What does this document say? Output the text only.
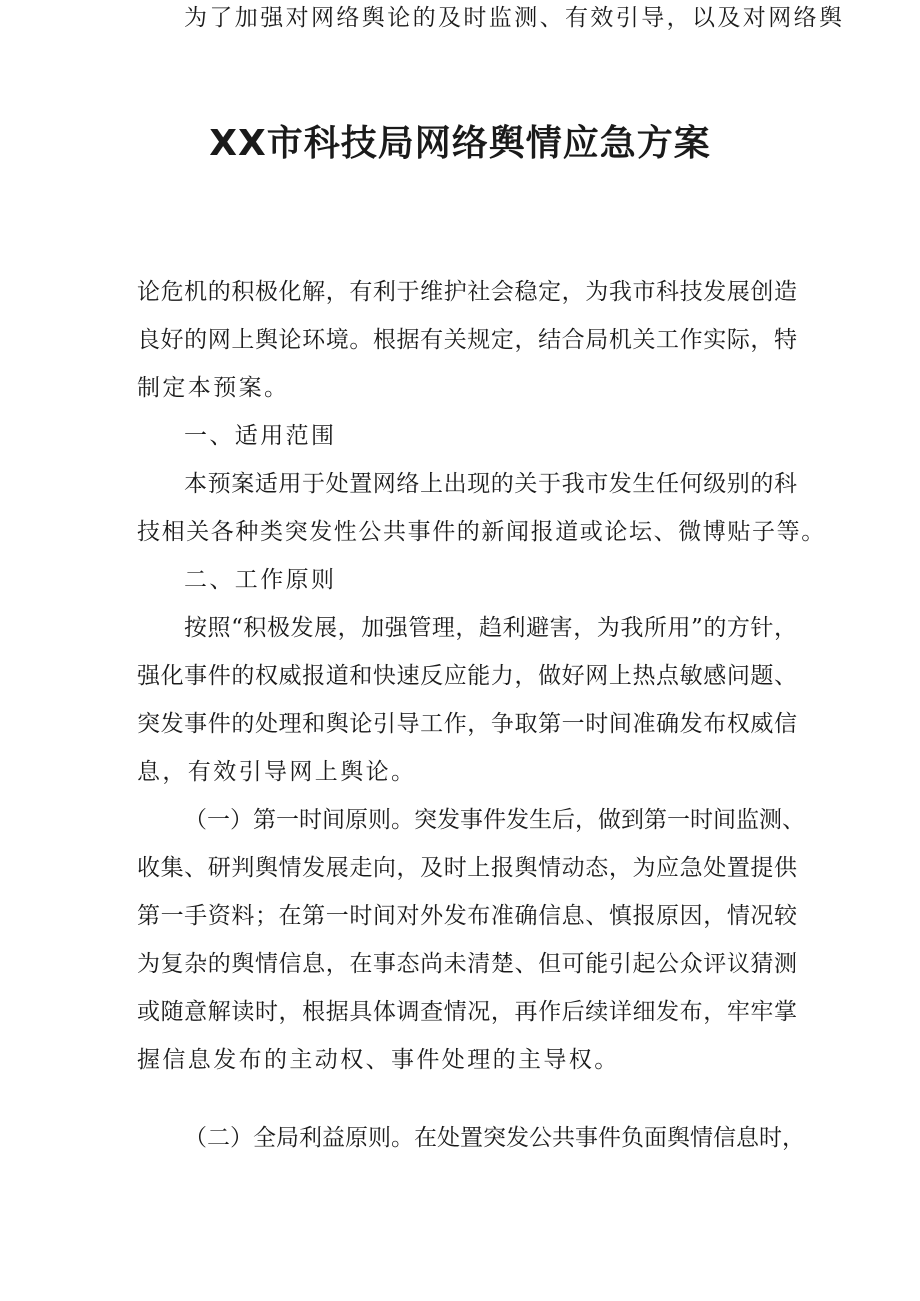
XX市科技局网络舆情应急方案

为了加强对网络舆论的及时监测、有效引导，以及对网络舆

论危机的积极化解，有利于维护社会稳定，为我市科技发展创造

良好的网上舆论环境。根据有关规定，结合局机关工作实际，特

制定本预案。

一、适用范围

本预案适用于处置网络上出现的关于我市发生任何级别的科

技相关各种类突发性公共事件的新闻报道或论坛、微博贴子等。

二、工作原则

按照“积极发展，加强管理，趋利避害，为我所用”的方针，

强化事件的权威报道和快速反应能力，做好网上热点敏感问题、

突发事件的处理和舆论引导工作，争取第一时间准确发布权威信

息，有效引导网上舆论。

（一）第一时间原则。突发事件发生后，做到第一时间监测、

收集、研判舆情发展走向，及时上报舆情动态，为应急处置提供

第一手资料；在第一时间对外发布准确信息、慎报原因，情况较

为复杂的舆情信息，在事态尚未清楚、但可能引起公众评议猜测

或随意解读时，根据具体调查情况，再作后续详细发布，牢牢掌

握信息发布的主动权、事件处理的主导权。

（二）全局利益原则。在处置突发公共事件负面舆情信息时，
